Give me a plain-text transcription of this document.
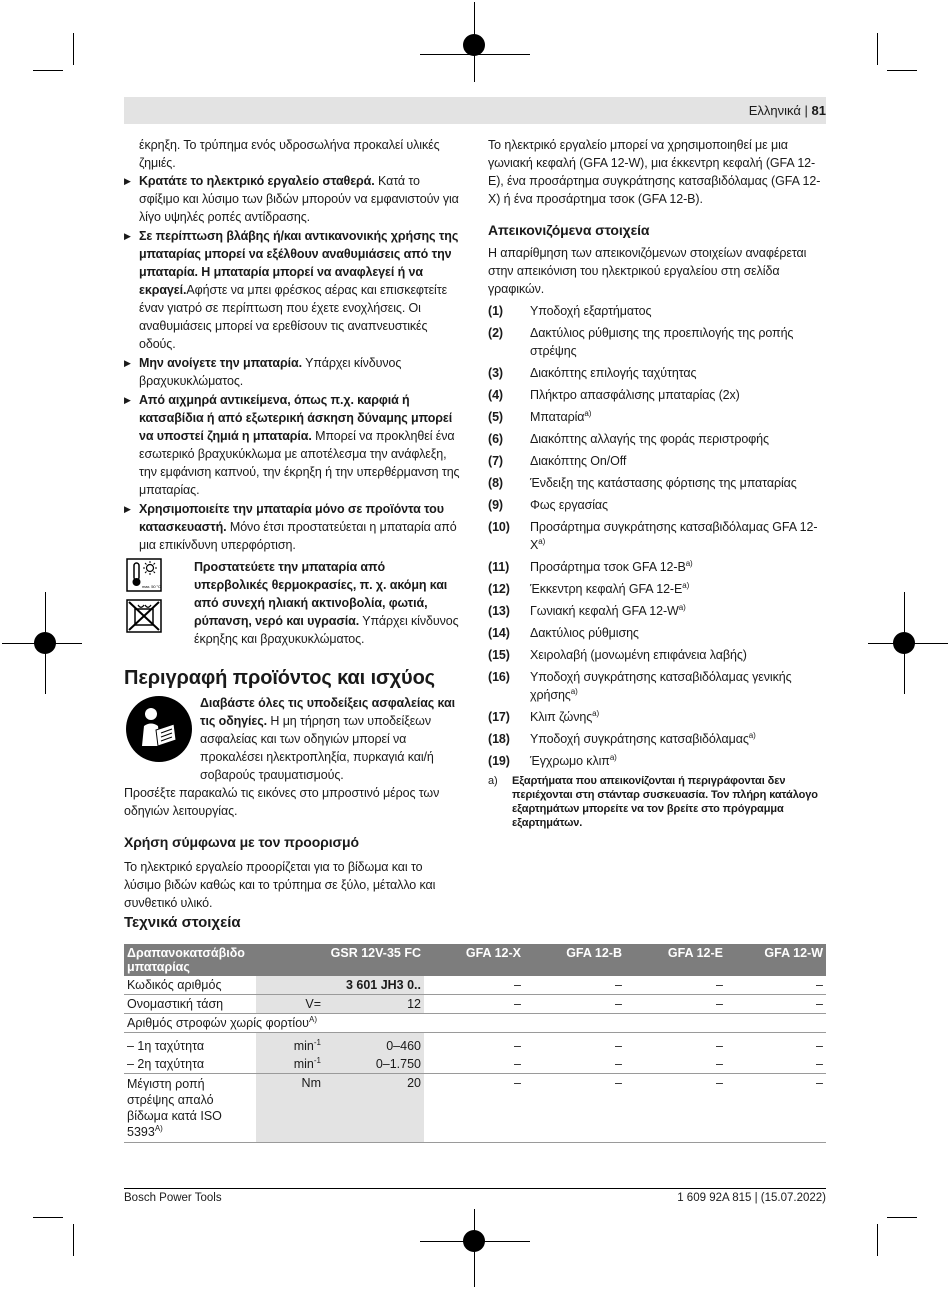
Ελληνικά | 81

έκρηξη. Το τρύπημα ενός υδροσωλήνα προκαλεί υλικές ζημιές.

▶ Κρατάτε το ηλεκτρικό εργαλείο σταθερά. Κατά το σφίξιμο και λύσιμο των βιδών μπορούν να εμφανιστούν για λίγο υψηλές ροπές αντίδρασης.
▶ Σε περίπτωση βλάβης ή/και αντικανονικής χρήσης της μπαταρίας μπορεί να εξέλθουν αναθυμιάσεις από την μπαταρία. Η μπαταρία μπορεί να αναφλεγεί ή να εκραγεί.Αφήστε να μπει φρέσκος αέρας και επισκεφτείτε έναν γιατρό σε περίπτωση που έχετε ενοχλήσεις. Οι αναθυμιάσεις μπορεί να ερεθίσουν τις αναπνευστικές οδούς.
▶ Μην ανοίγετε την μπαταρία. Υπάρχει κίνδυνος βραχυκυκλώματος.
▶ Από αιχμηρά αντικείμενα, όπως π.χ. καρφιά ή κατσαβίδια ή από εξωτερική άσκηση δύναμης μπορεί να υποστεί ζημιά η μπαταρία. Μπορεί να προκληθεί ένα εσωτερικό βραχυκύκλωμα με αποτέλεσμα την ανάφλεξη, την εμφάνιση καπνού, την έκρηξη ή την υπερθέρμανση της μπαταρίας.
▶ Χρησιμοποιείτε την μπαταρία μόνο σε προϊόντα του κατασκευαστή. Μόνο έτσι προστατεύεται η μπαταρία από μια επικίνδυνη υπερφόρτιση.
max. 50 °C

Προστατεύετε την μπαταρία από υπερβολικές θερμοκρασίες, π. χ. ακόμη και από συνεχή ηλιακή ακτινοβολία, φωτιά, ρύπανση, νερό και υγρασία. Υπάρχει κίνδυνος έκρηξης και βραχυκυκλώματος.
Περιγραφή προϊόντος και ισχύος
Διαβάστε όλες τις υποδείξεις ασφαλείας και τις οδηγίες. Η μη τήρηση των υποδείξεων ασφαλείας και των οδηγιών μπορεί να προκαλέσει ηλεκτροπληξία, πυρκαγιά και/ή σοβαρούς τραυματισμούς.

Προσέξτε παρακαλώ τις εικόνες στο μπροστινό μέρος των οδηγιών λειτουργίας.

Χρήση σύμφωνα με τον προορισμό

Το ηλεκτρικό εργαλείο προορίζεται για το βίδωμα και το λύσιμο βιδών καθώς και το τρύπημα σε ξύλο, μέταλλο και συνθετικό υλικό.

Το ηλεκτρικό εργαλείο μπορεί να χρησιμοποιηθεί με μια γωνιακή κεφαλή (GFA 12-W), μια έκκεντρη κεφαλή (GFA 12-E), ένα προσάρτημα συγκράτησης κατσαβιδόλαμας (GFA 12-X) ή ένα προσάρτημα τσοκ (GFA 12-B).

Απεικονιζόμενα στοιχεία

Η απαρίθμηση των απεικονιζόμενων στοιχείων αναφέρεται στην απεικόνιση του ηλεκτρικού εργαλείου στη σελίδα γραφικών.

(1)	Υποδοχή εξαρτήματος
(2)	Δακτύλιος ρύθμισης της προεπιλογής της ροπής στρέψης
(3)	Διακόπτης επιλογής ταχύτητας
(4)	Πλήκτρο απασφάλισης μπαταρίας (2x)
(5)	Μπαταρία$^{a)}$
(6)	Διακόπτης αλλαγής της φοράς περιστροφής
(7)	Διακόπτης On/Off
(8)	Ένδειξη της κατάστασης φόρτισης της μπαταρίας
(9)	Φως εργασίας
(10)	Προσάρτημα συγκράτησης κατσαβιδόλαμας GFA $12-X^{a)}$
(11)	Προσάρτημα τσοκ GFA $12-B^{a)}$
(12)	Έκκεντρη κεφαλή GFA $12-E^{a)}$
(13)	Γωνιακή κεφαλή GFA $12-W^{a)}$
(14)	Δακτύλιος ρύθμισης
(15)	Χειρολαβή (μονωμένη επιφάνεια λαβής)
(16)	Υποδοχή συγκράτησης κατσαβιδόλαμας γενικής χρήσης$^{a)}$
(17)	Κλιπ ζώνης$^{a)}$
(18)	Υποδοχή συγκράτησης κατσαβιδόλαμας$^{a)}$
(19)	Έγχρωμο κλιπ$^{a)}$
a)	Εξαρτήματα που απεικονίζονται ή περιγράφονται δεν περιέχονται στη στάνταρ συσκευασία. Τον πλήρη κατάλογο εξαρτημάτων μπορείτε να τον βρείτε στο πρόγραμμα εξαρτημάτων.
Τεχνικά στοιχεία
Δραπανοκατσάβιδο μπαταρίας		GSR 12V-35 FC	GFA 12-X	GFA 12-B	GFA 12-E	GFA 12-W
Κωδικός αριθμός		3 601 JH3 0..	–	–	–	–
Ονομαστική τάση	V=	12	–	–	–	–
Αριθμός στροφών χωρίς φορτίου$^{A)}$
– 1η ταχύτητα	$\min^{-1}$	0–460	–	–	–	–
– 2η ταχύτητα	$\min^{-1}$	0–1.750	–	–	–	–
Μέγιστη ροπή στρέψης απαλό βίδωμα κατά ISO $5393^{A)}$	Nm	20	–	–	–	–
Bosch Power Tools	1 609 92A 815 | (15.07.2022)
